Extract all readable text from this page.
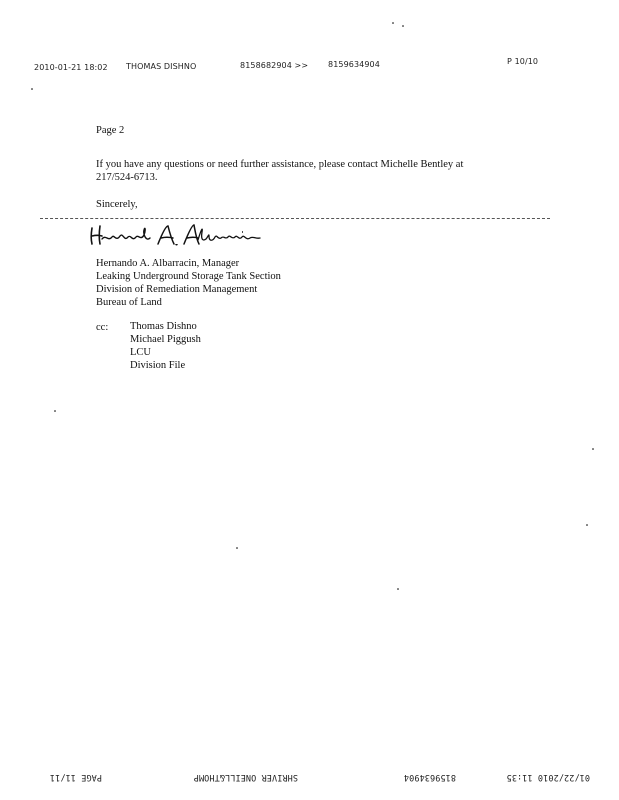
2010-01-21 18:02 THOMAS DISHNO	8158682904 >> 8159634904	P 10/10
Page 2
If you have any questions or need further assistance, please contact Michelle Bentley at
217/524-6713.
Sincerely,
Hernando A. Albarracin, Manager
Leaking Underground Storage Tank Section
Division of Remediation Management
Bureau of Land
cc: Thomas Dishno
Michael Piggush
LCU
Division File
PAGE 11/11	SHRIVER ONEILL&THOMP	8159634904	01/22/2010 11:35
